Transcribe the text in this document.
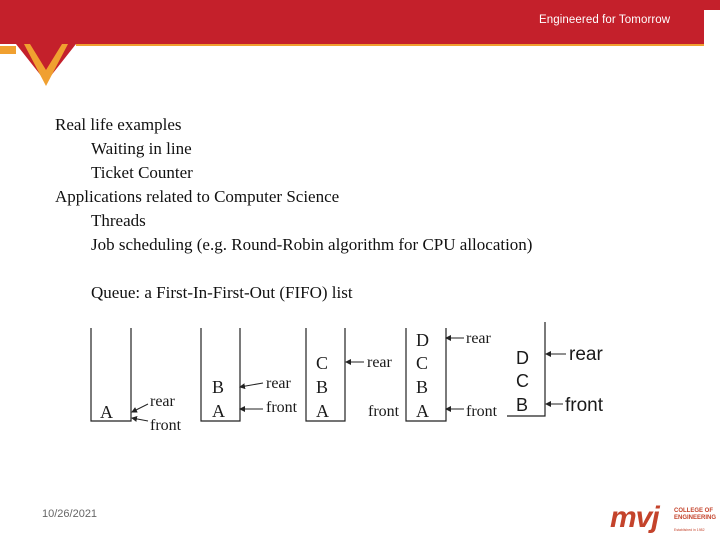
Engineered for Tomorrow
Real life examples
Waiting in line
Ticket Counter
Applications related to Computer Science
Threads
Job scheduling (e.g. Round-Robin algorithm for CPU allocation)
Queue: a First-In-First-Out (FIFO) list
A
rear
front
B
A
rear
front
C
B
A
rear
front
D
C
B
A
rear
front
D
C
B
rear
front
10/26/2021	mvj	COLLEGE OF
ENGINEERING
Established in 1982
